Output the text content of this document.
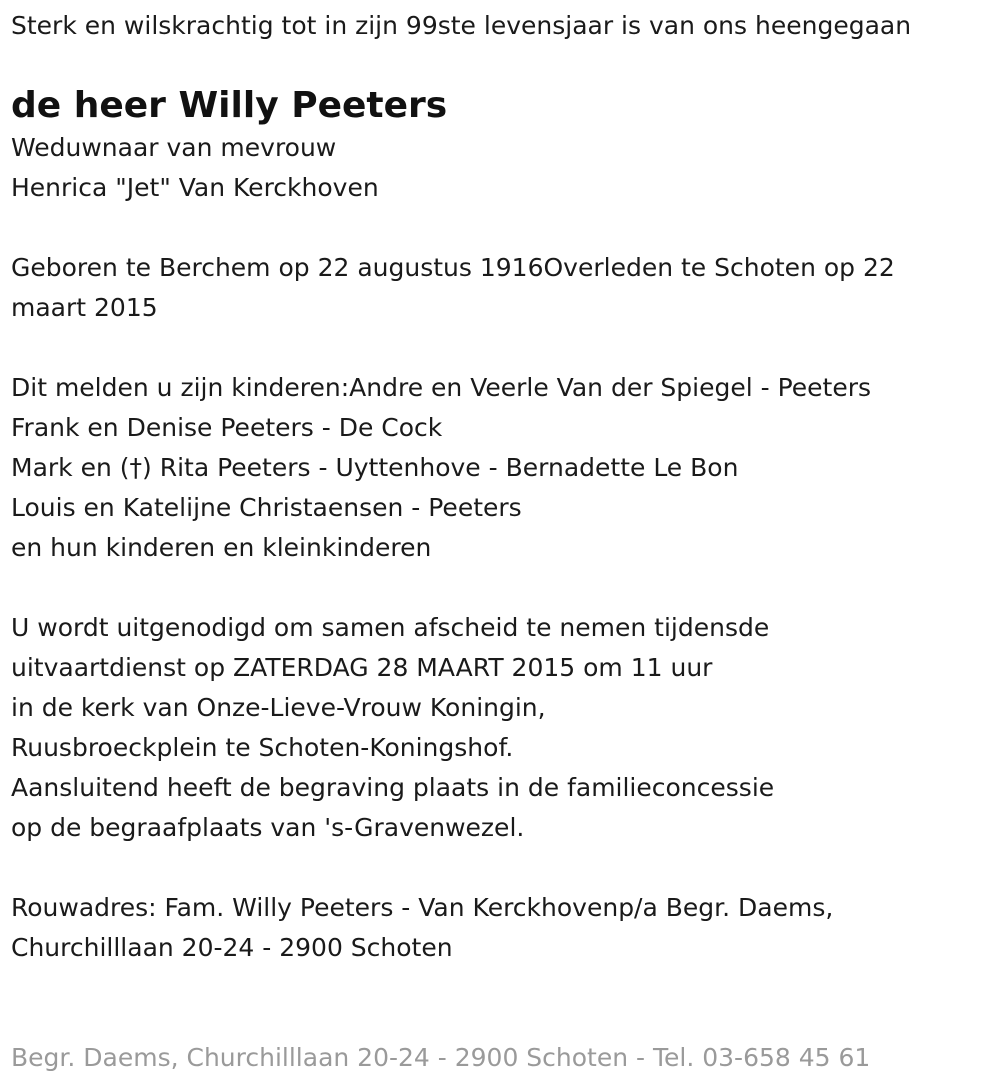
Sterk en wilskrachtig tot in zijn 99ste levensjaar is van ons heengegaan

de heer Willy Peeters

Weduwnaar van mevrouw

Henrica "Jet" Van Kerckhoven

Geboren te Berchem op 22 augustus 1916Overleden te Schoten op 22

maart 2015

Dit melden u zijn kinderen:Andre en Veerle Van der Spiegel - Peeters

Frank en Denise Peeters - De Cock

Mark en (†) Rita Peeters - Uyttenhove - Bernadette Le Bon

Louis en Katelijne Christaensen - Peeters

en hun kinderen en kleinkinderen

U wordt uitgenodigd om samen afscheid te nemen tijdensde

uitvaartdienst op ZATERDAG 28 MAART 2015 om 11 uur

in de kerk van Onze-Lieve-Vrouw Koningin,

Ruusbroeckplein te Schoten-Koningshof.

Aansluitend heeft de begraving plaats in de familieconcessie

op de begraafplaats van 's-Gravenwezel.

Rouwadres: Fam. Willy Peeters - Van Kerckhovenp/a Begr. Daems,

Churchilllaan 20-24 - 2900 Schoten

Begr. Daems, Churchilllaan 20-24 - 2900 Schoten - Tel. 03-658 45 61
